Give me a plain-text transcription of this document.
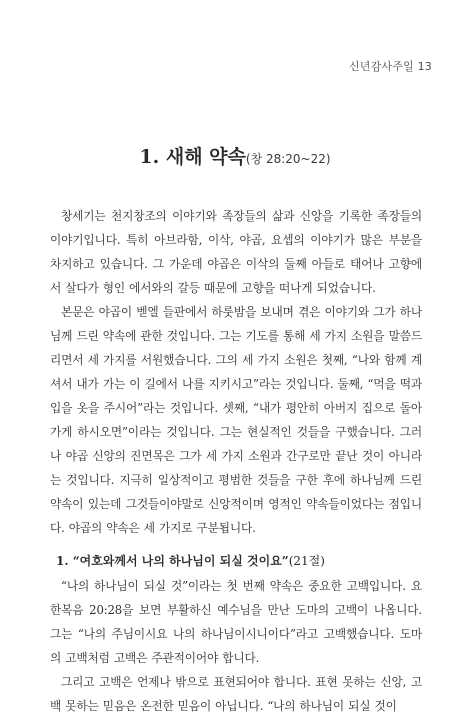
신년감사주일 13
1. 새해 약속(창 28:20~22)

창세기는 천지창조의 이야기와 족장들의 삶과 신앙을 기록한 족장들의 이야기입니다. 특히 아브라함, 이삭, 야곱, 요셉의 이야기가 많은 부분을 차지하고 있습니다. 그 가운데 야곱은 이삭의 둘째 아들로 태어나 고향에서 살다가 형인 에서와의 갈등 때문에 고향을 떠나게 되었습니다.

본문은 야곱이 벧엘 들판에서 하룻밤을 보내며 겪은 이야기와 그가 하나님께 드린 약속에 관한 것입니다. 그는 기도를 통해 세 가지 소원을 말씀드리면서 세 가지를 서원했습니다. 그의 세 가지 소원은 첫째, “나와 함께 계셔서 내가 가는 이 길에서 나를 지키시고”라는 것입니다. 둘째, “먹을 떡과 입을 옷을 주시어”라는 것입니다. 셋째, “내가 평안히 아버지 집으로 돌아가게 하시오면”이라는 것입니다. 그는 현실적인 것들을 구했습니다. 그러나 야곱 신앙의 진면목은 그가 세 가지 소원과 간구로만 끝난 것이 아니라는 것입니다. 지극히 일상적이고 평범한 것들을 구한 후에 하나님께 드린 약속이 있는데 그것들이야말로 신앙적이며 영적인 약속들이었다는 점입니다. 야곱의 약속은 세 가지로 구분됩니다.

1. “여호와께서 나의 하나님이 되실 것이요”(21절)

“나의 하나님이 되실 것”이라는 첫 번째 약속은 중요한 고백입니다. 요한복음 20:28을 보면 부활하신 예수님을 만난 도마의 고백이 나옵니다. 그는 “나의 주님이시요 나의 하나님이시니이다”라고 고백했습니다. 도마의 고백처럼 고백은 주관적이어야 합니다.

그리고 고백은 언제나 밖으로 표현되어야 합니다. 표현 못하는 신앙, 고백 못하는 믿음은 온전한 믿음이 아닙니다. “나의 하나님이 되실 것이
